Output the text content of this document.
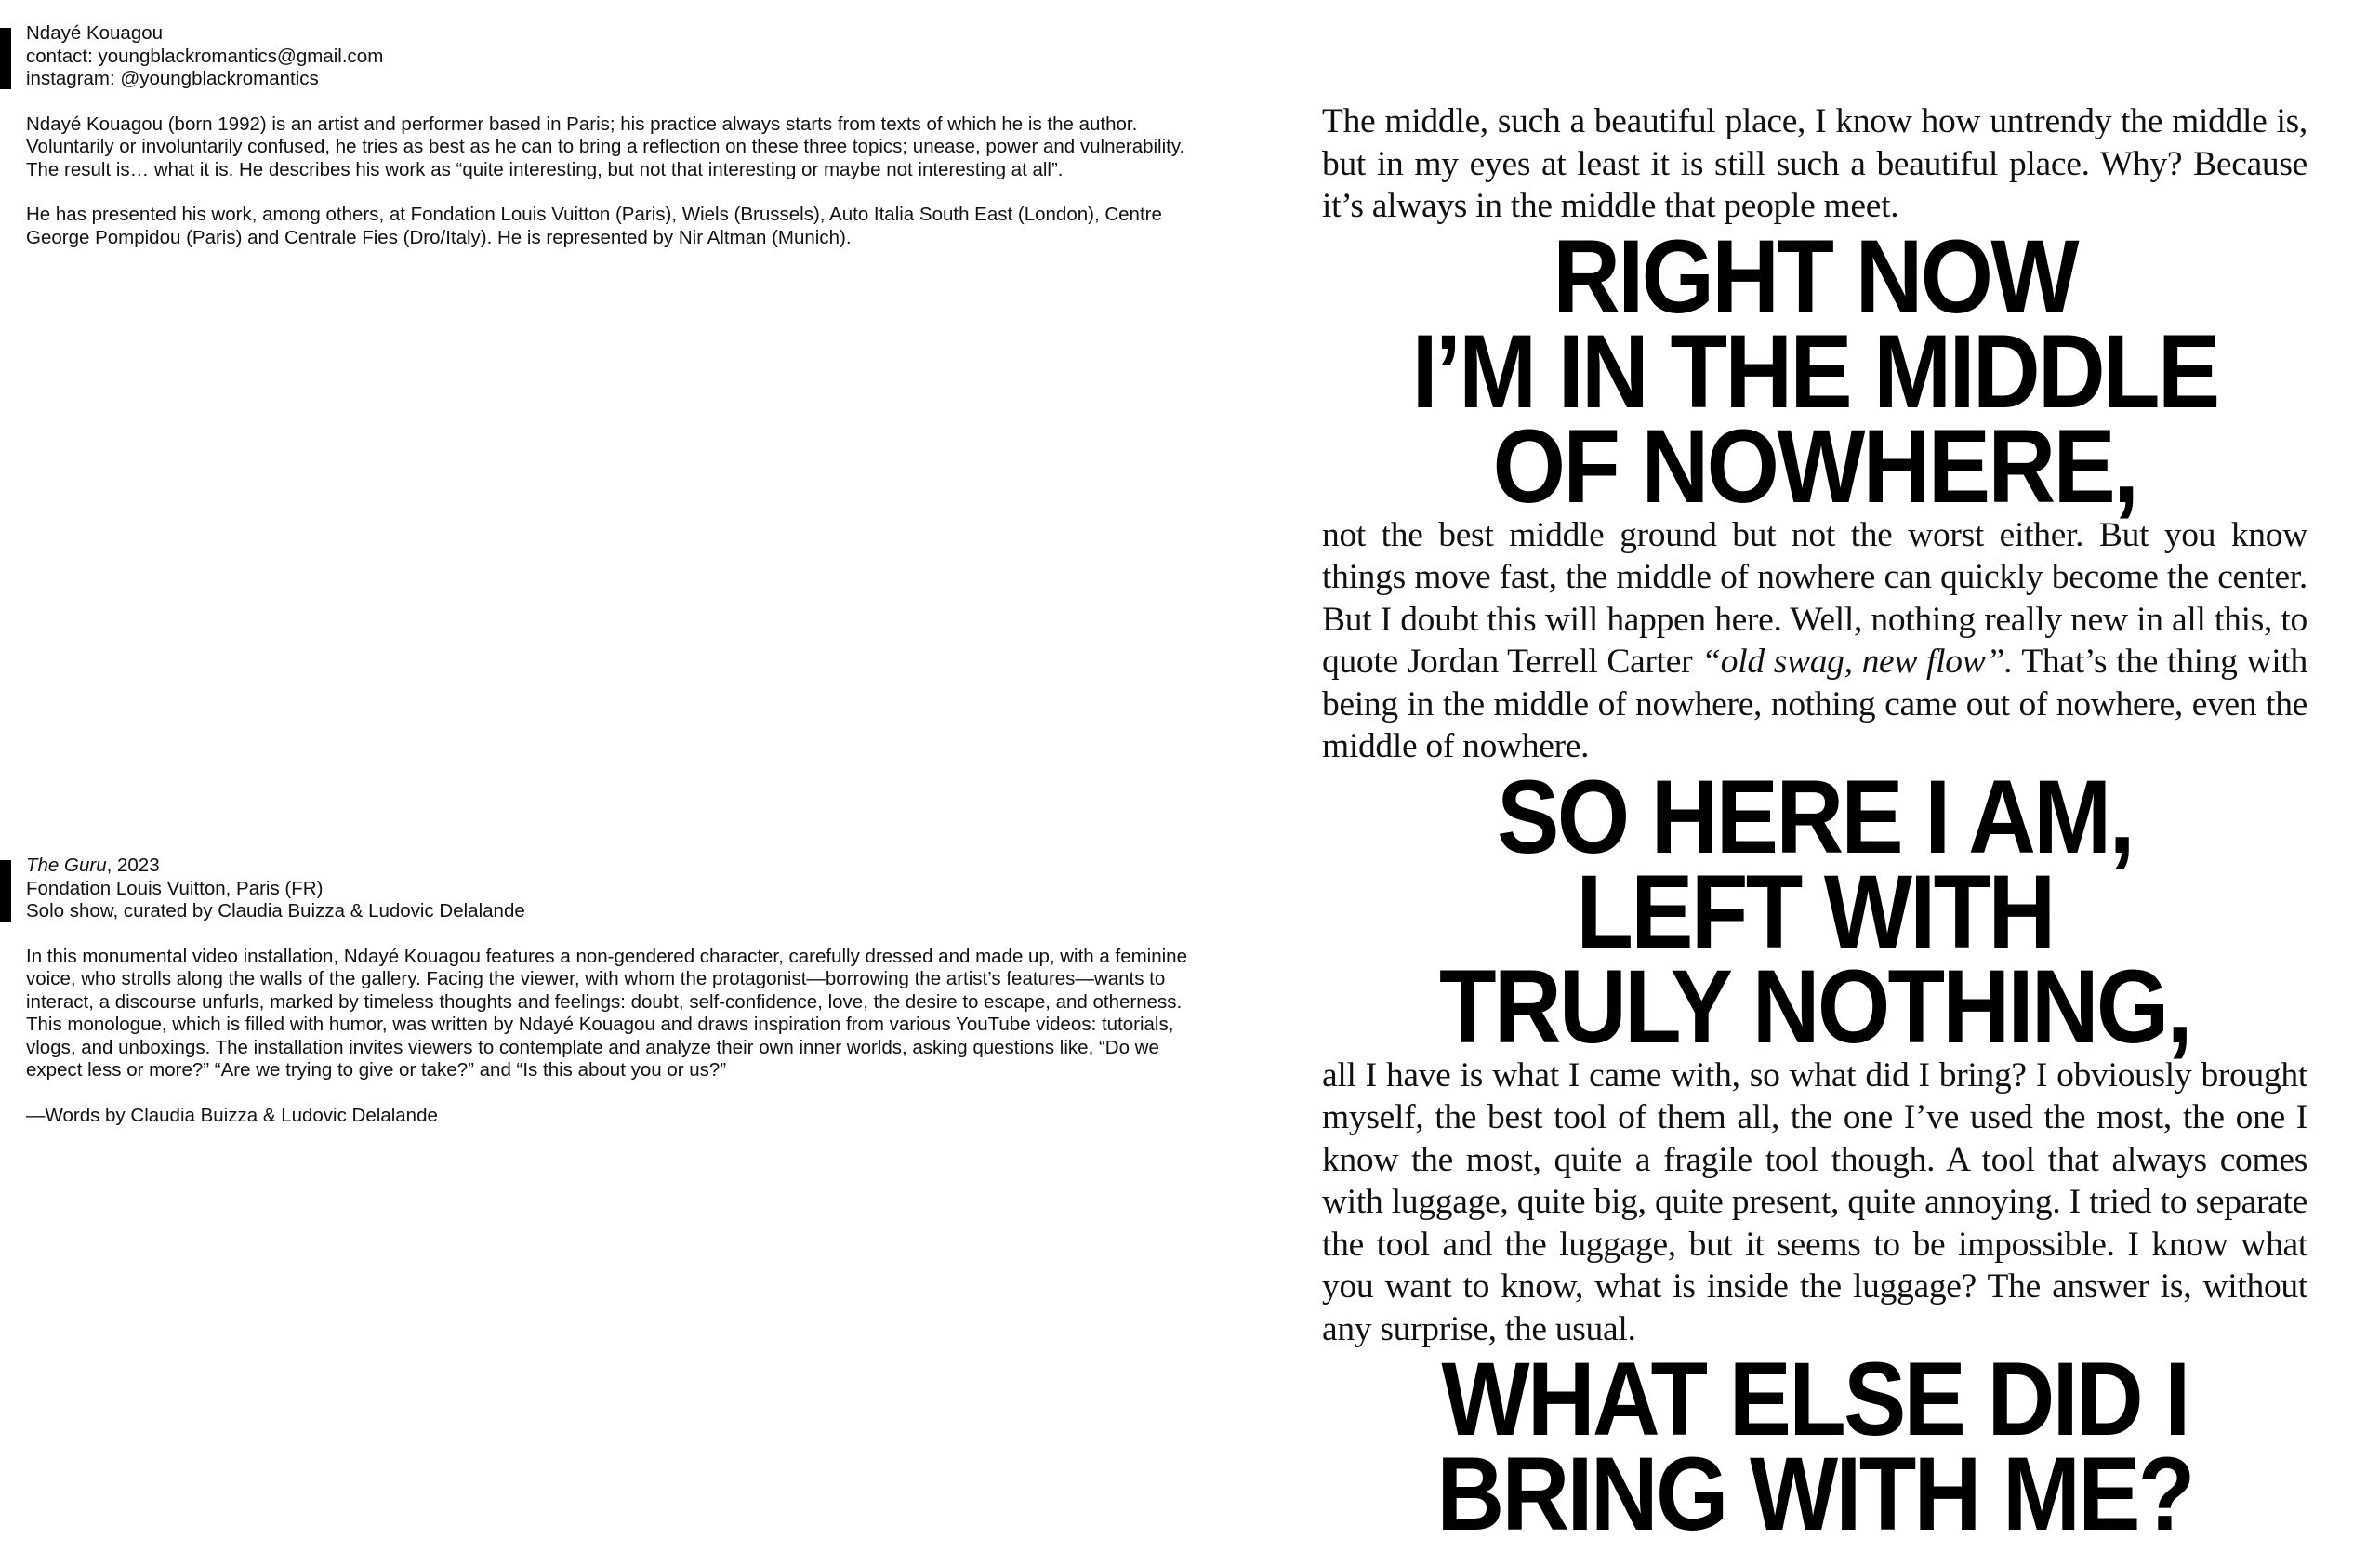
Ndayé Kouagou
contact: youngblackromantics@gmail.com
instagram: @youngblackromantics

Ndayé Kouagou (born 1992) is an artist and performer based in Paris; his practice always starts from texts of which he is the author. Voluntarily or involuntarily confused, he tries as best as he can to bring a reflection on these three topics; unease, power and vulnerability. The result is… what it is. He describes his work as “quite interesting, but not that interesting or maybe not interesting at all”.

He has presented his work, among others, at Fondation Louis Vuitton (Paris), Wiels (Brussels), Auto Italia South East (London), Centre George Pompidou (Paris) and Centrale Fies (Dro/Italy). He is represented by Nir Altman (Munich).

The Guru, 2023
Fondation Louis Vuitton, Paris (FR)
Solo show, curated by Claudia Buizza & Ludovic Delalande

In this monumental video installation, Ndayé Kouagou features a non-gendered character, carefully dressed and made up, with a feminine voice, who strolls along the walls of the gallery. Facing the viewer, with whom the protagonist—borrowing the artist’s features—wants to interact, a discourse unfurls, marked by timeless thoughts and feelings: doubt, self-confidence, love, the desire to escape, and otherness. This monologue, which is filled with humor, was written by Ndayé Kouagou and draws inspiration from various YouTube videos: tutorials, vlogs, and unboxings. The installation invites viewers to contemplate and analyze their own inner worlds, asking questions like, “Do we expect less or more?” “Are we trying to give or take?” and “Is this about you or us?”

—Words by Claudia Buizza & Ludovic Delalande

The middle, such a beautiful place, I know how untrendy the middle is, but in my eyes at least it is still such a beautiful place. Why? Because it’s always in the middle that people meet.

RIGHT NOW
I’M IN THE MIDDLE
OF NOWHERE,

not the best middle ground but not the worst either. But you know things move fast, the middle of nowhere can quickly become the center. But I doubt this will happen here. Well, nothing really new in all this, to quote Jordan Terrell Carter “old swag, new flow”. That’s the thing with being in the middle of nowhere, nothing came out of nowhere, even the middle of nowhere.

SO HERE I AM,
LEFT WITH
TRULY NOTHING,

all I have is what I came with, so what did I bring? I obviously brought myself, the best tool of them all, the one I’ve used the most, the one I know the most, quite a fragile tool though. A tool that always comes with luggage, quite big, quite present, quite annoying. I tried to separate the tool and the luggage, but it seems to be impossible. I know what you want to know, what is inside the luggage? The answer is, without any surprise, the usual.

WHAT ELSE DID I
BRING WITH ME?
